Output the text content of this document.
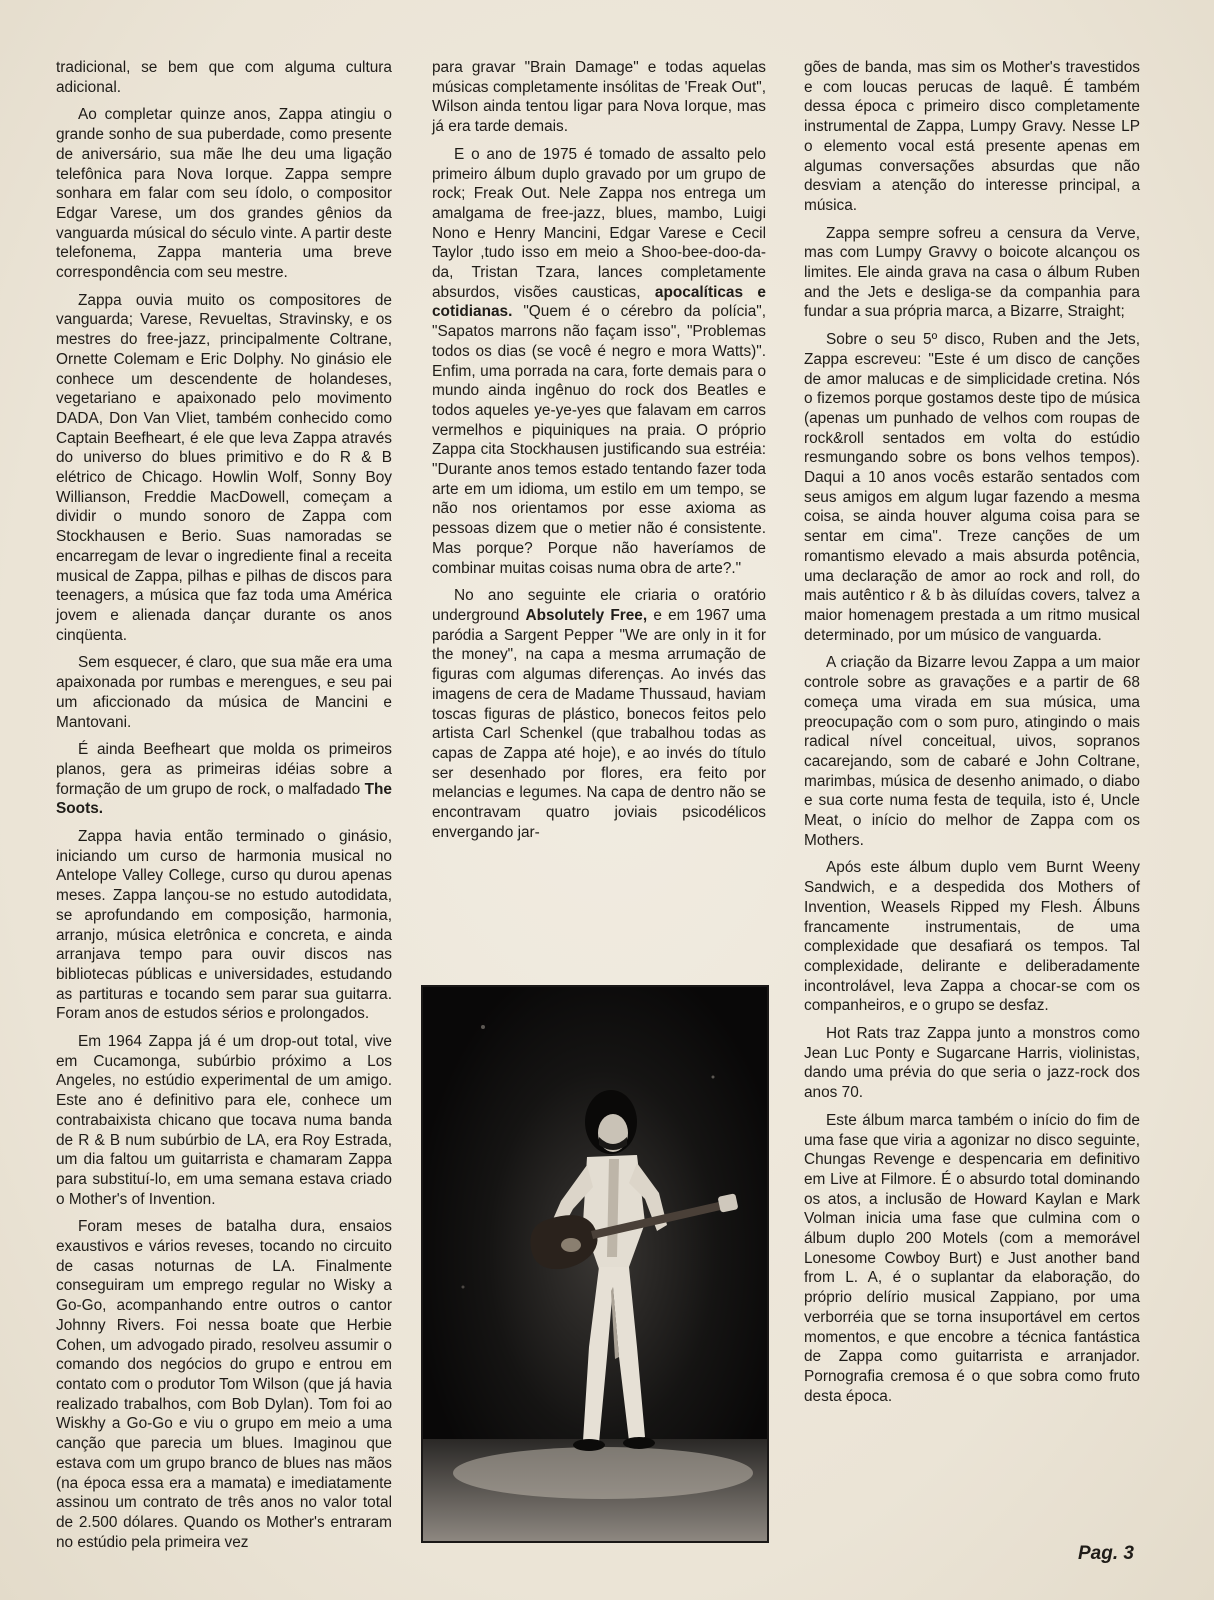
tradicional, se bem que com alguma cultura adicional.

Ao completar quinze anos, Zappa atingiu o grande sonho de sua puberdade, como presente de aniversário, sua mãe lhe deu uma ligação telefônica para Nova Iorque. Zappa sempre sonhara em falar com seu ídolo, o compositor Edgar Varese, um dos grandes gênios da vanguarda músical do século vinte. A partir deste telefonema, Zappa manteria uma breve correspondência com seu mestre.

Zappa ouvia muito os compositores de vanguarda; Varese, Revueltas, Stravinsky, e os mestres do free-jazz, principalmente Coltrane, Ornette Colemam e Eric Dolphy. No ginásio ele conhece um descendente de holandeses, vegetariano e apaixonado pelo movimento DADA, Don Van Vliet, também conhecido como Captain Beefheart, é ele que leva Zappa através do universo do blues primitivo e do R & B elétrico de Chicago. Howlin Wolf, Sonny Boy Willianson, Freddie MacDowell, começam a dividir o mundo sonoro de Zappa com Stockhausen e Berio. Suas namoradas se encarregam de levar o ingrediente final a receita musical de Zappa, pilhas e pilhas de discos para teenagers, a música que faz toda uma América jovem e alienada dançar durante os anos cinqüenta.

Sem esquecer, é claro, que sua mãe era uma apaixonada por rumbas e merengues, e seu pai um aficcionado da música de Mancini e Mantovani.

É ainda Beefheart que molda os primeiros planos, gera as primeiras idéias sobre a formação de um grupo de rock, o malfadado The Soots.

Zappa havia então terminado o ginásio, iniciando um curso de harmonia musical no Antelope Valley College, curso qu durou apenas meses. Zappa lançou-se no estudo autodidata, se aprofundando em composição, harmonia, arranjo, música eletrônica e concreta, e ainda arranjava tempo para ouvir discos nas bibliotecas públicas e universidades, estudando as partituras e tocando sem parar sua guitarra. Foram anos de estudos sérios e prolongados.

Em 1964 Zappa já é um drop-out total, vive em Cucamonga, subúrbio próximo a Los Angeles, no estúdio experimental de um amigo. Este ano é definitivo para ele, conhece um contrabaixista chicano que tocava numa banda de R & B num subúrbio de LA, era Roy Estrada, um dia faltou um guitarrista e chamaram Zappa para substituí-lo, em uma semana estava criado o Mother's of Invention.

Foram meses de batalha dura, ensaios exaustivos e vários reveses, tocando no circuito de casas noturnas de LA. Finalmente conseguiram um emprego regular no Wisky a Go-Go, acompanhando entre outros o cantor Johnny Rivers. Foi nessa boate que Herbie Cohen, um advogado pirado, resolveu assumir o comando dos negócios do grupo e entrou em contato com o produtor Tom Wilson (que já havia realizado trabalhos, com Bob Dylan). Tom foi ao Wiskhy a Go-Go e viu o grupo em meio a uma canção que parecia um blues. Imaginou que estava com um grupo branco de blues nas mãos (na época essa era a mamata) e imediatamente assinou um contrato de três anos no valor total de 2.500 dólares. Quando os Mother's entraram no estúdio pela primeira vez

para gravar "Brain Damage" e todas aquelas músicas completamente insólitas de 'Freak Out", Wilson ainda tentou ligar para Nova Iorque, mas já era tarde demais.

E o ano de 1975 é tomado de assalto pelo primeiro álbum duplo gravado por um grupo de rock; Freak Out. Nele Zappa nos entrega um amalgama de free-jazz, blues, mambo, Luigi Nono e Henry Mancini, Edgar Varese e Cecil Taylor ,tudo isso em meio a Shoo-bee-doo-da-da, Tristan Tzara, lances completamente absurdos, visões causticas, apocalíticas e cotidianas. "Quem é o cérebro da polícia", "Sapatos marrons não façam isso", "Problemas todos os dias (se você é negro e mora Watts)". Enfim, uma porrada na cara, forte demais para o mundo ainda ingênuo do rock dos Beatles e todos aqueles ye-ye-yes que falavam em carros vermelhos e piquiniques na praia. O próprio Zappa cita Stockhausen justificando sua estréia: "Durante anos temos estado tentando fazer toda arte em um idioma, um estilo em um tempo, se não nos orientamos por esse axioma as pessoas dizem que o metier não é consistente. Mas porque? Porque não haveríamos de combinar muitas coisas numa obra de arte?."

No ano seguinte ele criaria o oratório underground Absolutely Free, e em 1967 uma paródia a Sargent Pepper "We are only in it for the money", na capa a mesma arrumação de figuras com algumas diferenças. Ao invés das imagens de cera de Madame Thussaud, haviam toscas figuras de plástico, bonecos feitos pelo artista Carl Schenkel (que trabalhou todas as capas de Zappa até hoje), e ao invés do título ser desenhado por flores, era feito por melancias e legumes. Na capa de dentro não se encontravam quatro joviais psicodélicos envergando jar-

gões de banda, mas sim os Mother's travestidos e com loucas perucas de laquê. É também dessa época c primeiro disco completamente instrumental de Zappa, Lumpy Gravy. Nesse LP o elemento vocal está presente apenas em algumas conversações absurdas que não desviam a atenção do interesse principal, a música.

Zappa sempre sofreu a censura da Verve, mas com Lumpy Gravvy o boicote alcançou os limites. Ele ainda grava na casa o álbum Ruben and the Jets e desliga-se da companhia para fundar a sua própria marca, a Bizarre, Straight;

Sobre o seu 5º disco, Ruben and the Jets, Zappa escreveu: "Este é um disco de canções de amor malucas e de simplicidade cretina. Nós o fizemos porque gostamos deste tipo de música (apenas um punhado de velhos com roupas de rock&roll sentados em volta do estúdio resmungando sobre os bons velhos tempos). Daqui a 10 anos vocês estarão sentados com seus amigos em algum lugar fazendo a mesma coisa, se ainda houver alguma coisa para se sentar em cima". Treze canções de um romantismo elevado a mais absurda potência, uma declaração de amor ao rock and roll, do mais autêntico r & b às diluídas covers, talvez a maior homenagem prestada a um ritmo musical determinado, por um músico de vanguarda.

A criação da Bizarre levou Zappa a um maior controle sobre as gravações e a partir de 68 começa uma virada em sua música, uma preocupação com o som puro, atingindo o mais radical nível conceitual, uivos, sopranos cacarejando, som de cabaré e John Coltrane, marimbas, música de desenho animado, o diabo e sua corte numa festa de tequila, isto é, Uncle Meat, o início do melhor de Zappa com os Mothers.

Após este álbum duplo vem Burnt Weeny Sandwich, e a despedida dos Mothers of Invention, Weasels Ripped my Flesh. Álbuns francamente instrumentais, de uma complexidade que desafiará os tempos. Tal complexidade, delirante e deliberadamente incontrolável, leva Zappa a chocar-se com os companheiros, e o grupo se desfaz.

Hot Rats traz Zappa junto a monstros como Jean Luc Ponty e Sugarcane Harris, violinistas, dando uma prévia do que seria o jazz-rock dos anos 70.

Este álbum marca também o início do fim de uma fase que viria a agonizar no disco seguinte, Chungas Revenge e despencaria em definitivo em Live at Filmore. É o absurdo total dominando os atos, a inclusão de Howard Kaylan e Mark Volman inicia uma fase que culmina com o álbum duplo 200 Motels (com a memorável Lonesome Cowboy Burt) e Just another band from L. A, é o suplantar da elaboração, do próprio delírio musical Zappiano, por uma verborréia que se torna insuportável em certos momentos, e que encobre a técnica fantástica de Zappa como guitarrista e arranjador. Pornografia cremosa é o que sobra como fruto desta época.

Pag. 3
